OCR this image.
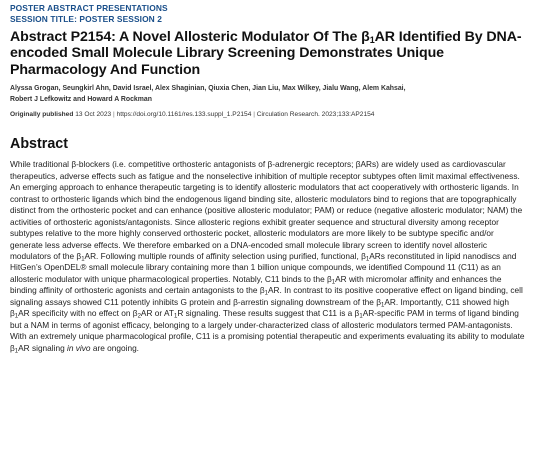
POSTER ABSTRACT PRESENTATIONS
SESSION TITLE: POSTER SESSION 2
Abstract P2154: A Novel Allosteric Modulator Of The $\beta_1AR$ Identified By DNA-encoded Small Molecule Library Screening Demonstrates Unique Pharmacology And Function
Alyssa Grogan, Seungkirl Ahn, David Israel, Alex Shaginian, Qiuxia Chen, Jian Liu, Max Wilkey, Jialu Wang, Alem Kahsai,
Robert J Lefkowitz and Howard A Rockman
Originally published 13 Oct 2023 | https://doi.org/10.1161/res.133.suppl_1.P2154 | Circulation Research. 2023;133:AP2154
Abstract

While traditional β-blockers (i.e. competitive orthosteric antagonists of β-adrenergic receptors; βARs) are widely used as cardiovascular therapeutics, adverse effects such as fatigue and the nonselective inhibition of multiple receptor subtypes often limit maximal effectiveness. An emerging approach to enhance therapeutic targeting is to identify allosteric modulators that act cooperatively with orthosteric ligands. In contrast to orthosteric ligands which bind the endogenous ligand binding site, allosteric modulators bind to regions that are topographically distinct from the orthosteric pocket and can enhance (positive allosteric modulator; PAM) or reduce (negative allosteric modulator; NAM) the activities of orthosteric agonists/antagonists. Since allosteric regions exhibit greater sequence and structural diversity among receptor subtypes relative to the more highly conserved orthosteric pocket, allosteric modulators are more likely to be subtype specific and/or generate less adverse effects. We therefore embarked on a DNA-encoded small molecule library screen to identify novel allosteric modulators of the $\beta_1AR$. Following multiple rounds of affinity selection using purified, functional, $\beta_1ARs$ reconstituted in lipid nanodiscs and HitGen’s OpenDEL® small molecule library containing more than 1 billion unique compounds, we identified Compound 11 (C11) as an allosteric modulator with unique pharmacological properties. Notably, C11 binds to the $\beta_1AR$ with micromolar affinity and enhances the binding affinity of orthosteric agonists and certain antagonists to the $\beta_1AR$. In contrast to its positive cooperative effect on ligand binding, cell signaling assays showed C11 potently inhibits G protein and β-arrestin signaling downstream of the $\beta_1AR$. Importantly, C11 showed high $\beta_1AR$ specificity with no effect on $\beta_2AR$ or $AT_1R$ signaling. These results suggest that C11 is a $\beta_1AR$-specific PAM in terms of ligand binding but a NAM in terms of agonist efficacy, belonging to a largely under-characterized class of allosteric modulators termed PAM-antagonists. With an extremely unique pharmacological profile, C11 is a promising potential therapeutic and experiments evaluating its ability to modulate $\beta_1AR$ signaling in vivo are ongoing.
